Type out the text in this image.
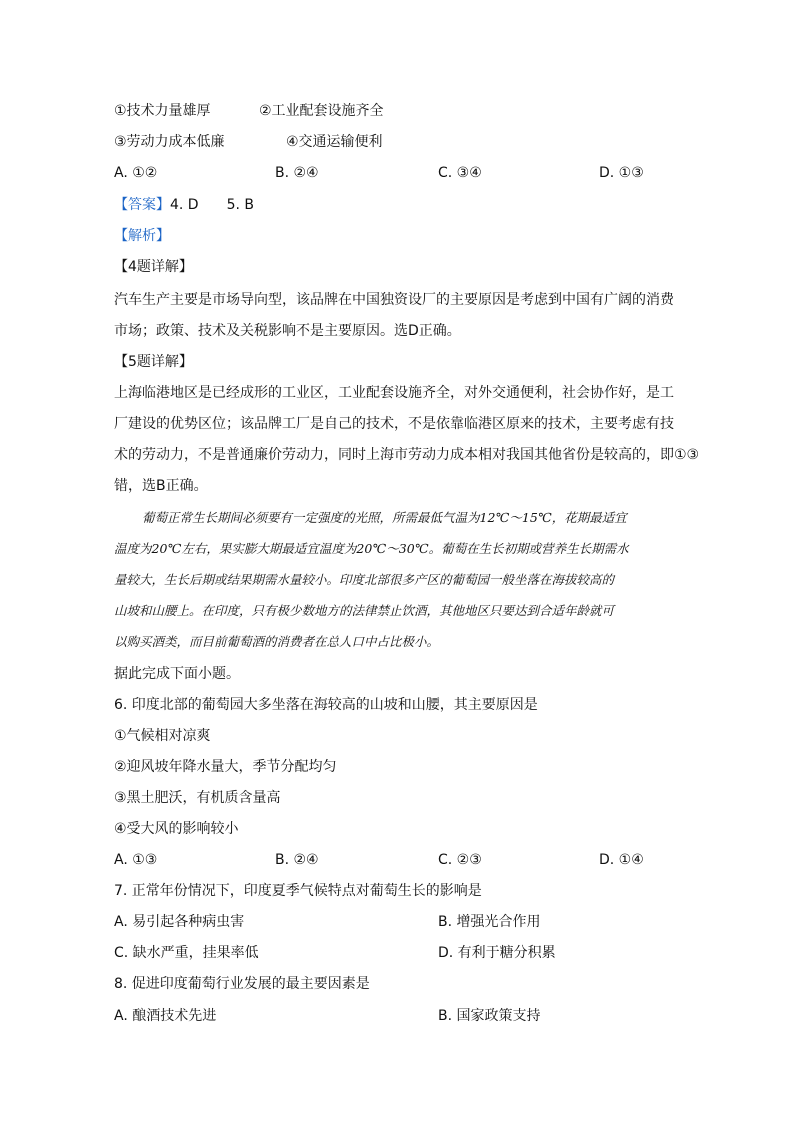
①技术力量雄厚	②工业配套设施齐全
③劳动力成本低廉	④交通运输便利
A. ①②	B. ②④	C. ③④	D. ①③
【答案】4. D　　5. B
【解析】
【4题详解】
汽车生产主要是市场导向型，该品牌在中国独资设厂的主要原因是考虑到中国有广阔的消费
市场；政策、技术及关税影响不是主要原因。选D正确。
【5题详解】
上海临港地区是已经成形的工业区，工业配套设施齐全，对外交通便利，社会协作好，是工
厂建设的优势区位；该品牌工厂是自己的技术，不是依靠临港区原来的技术，主要考虑有技
术的劳动力，不是普通廉价劳动力，同时上海市劳动力成本相对我国其他省份是较高的，即①③
错，选B正确。
葡萄正常生长期间必须要有一定强度的光照，所需最低气温为12℃～15℃，花期最适宜
温度为20℃左右，果实膨大期最适宜温度为20℃～30℃。葡萄在生长初期或营养生长期需水
量较大，生长后期或结果期需水量较小。印度北部很多产区的葡萄园一般坐落在海拔较高的
山坡和山腰上。在印度，只有极少数地方的法律禁止饮酒，其他地区只要达到合适年龄就可
以购买酒类，而目前葡萄酒的消费者在总人口中占比极小。
据此完成下面小题。
6. 印度北部的葡萄园大多坐落在海较高的山坡和山腰，其主要原因是
①气候相对凉爽
②迎风坡年降水量大，季节分配均匀
③黑土肥沃，有机质含量高
④受大风的影响较小
A. ①③	B. ②④	C. ②③	D. ①④
7. 正常年份情况下，印度夏季气候特点对葡萄生长的影响是
A. 易引起各种病虫害	B. 增强光合作用
C. 缺水严重，挂果率低	D. 有利于糖分积累
8. 促进印度葡萄行业发展的最主要因素是
A. 酿酒技术先进	B. 国家政策支持
